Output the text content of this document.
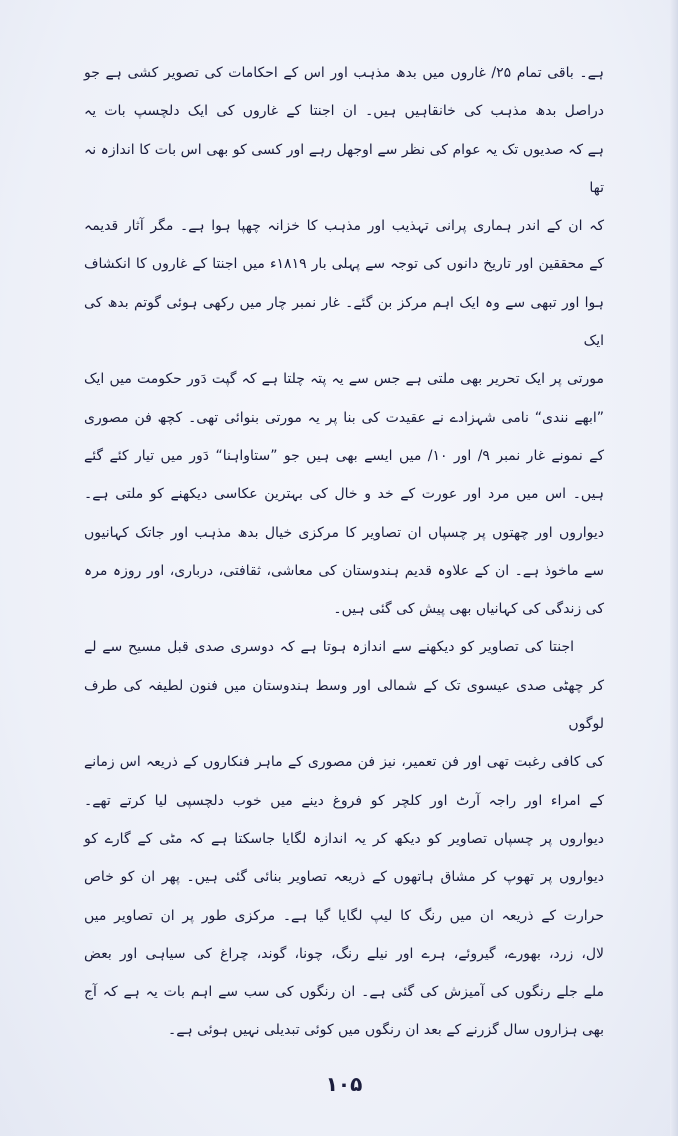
ہے۔ باقی تمام ۲۵/ غاروں میں بدھ مذہب اور اس کے احکامات کی تصویر کشی ہے جو
دراصل بدھ مذہب کی خانقاہیں ہیں۔ ان اجنتا کے غاروں کی ایک دلچسپ بات یہ
ہے کہ صدیوں تک یہ عوام کی نظر سے اوجھل رہے اور کسی کو بھی اس بات کا اندازہ نہ تھا
کہ ان کے اندر ہماری پرانی تہذیب اور مذہب کا خزانہ چھپا ہوا ہے۔ مگر آثار قدیمہ
کے محققین اور تاریخ دانوں کی توجہ سے پہلی بار ۱۸۱۹ء میں اجنتا کے غاروں کا انکشاف
ہوا اور تبھی سے وہ ایک اہم مرکز بن گئے۔ غار نمبر چار میں رکھی ہوئی گوتم بدھ کی ایک
مورتی پر ایک تحریر بھی ملتی ہے جس سے یہ پتہ چلتا ہے کہ گپت دَور حکومت میں ایک
”ابھے نندی“ نامی شہزادے نے عقیدت کی بنا پر یہ مورتی بنوائی تھی۔ کچھ فن مصوری
کے نمونے غار نمبر ۹/ اور ۱۰/ میں ایسے بھی ہیں جو ”ستاواہنا“ دَور میں تیار کئے گئے
ہیں۔ اس میں مرد اور عورت کے خد و خال کی بہترین عکاسی دیکھنے کو ملتی ہے۔
دیواروں اور چھتوں پر چسپاں ان تصاویر کا مرکزی خیال بدھ مذہب اور جاتک کہانیوں
سے ماخوذ ہے۔ ان کے علاوہ قدیم ہندوستان کی معاشی، ثقافتی، درباری، اور روزہ مرہ
کی زندگی کی کہانیاں بھی پیش کی گئی ہیں۔
اجنتا کی تصاویر کو دیکھنے سے اندازہ ہوتا ہے کہ دوسری صدی قبل مسیح سے لے
کر چھٹی صدی عیسوی تک کے شمالی اور وسط ہندوستان میں فنون لطیفہ کی طرف لوگوں
کی کافی رغبت تھی اور فن تعمیر، نیز فن مصوری کے ماہر فنکاروں کے ذریعہ اس زمانے
کے امراء اور راجہ آرٹ اور کلچر کو فروغ دینے میں خوب دلچسپی لیا کرتے تھے۔
دیواروں پر چسپاں تصاویر کو دیکھ کر یہ اندازہ لگایا جاسکتا ہے کہ مٹی کے گارے کو
دیواروں پر تھوپ کر مشاق ہاتھوں کے ذریعہ تصاویر بنائی گئی ہیں۔ پھر ان کو خاص
حرارت کے ذریعہ ان میں رنگ کا لیپ لگایا گیا ہے۔ مرکزی طور پر ان تصاویر میں
لال، زرد، بھورے، گیروئے، ہرے اور نیلے رنگ، چونا، گوند، چراغ کی سیاہی اور بعض
ملے جلے رنگوں کی آمیزش کی گئی ہے۔ ان رنگوں کی سب سے اہم بات یہ ہے کہ آج
بھی ہزاروں سال گزرنے کے بعد ان رنگوں میں کوئی تبدیلی نہیں ہوئی ہے۔
۱۰۵
